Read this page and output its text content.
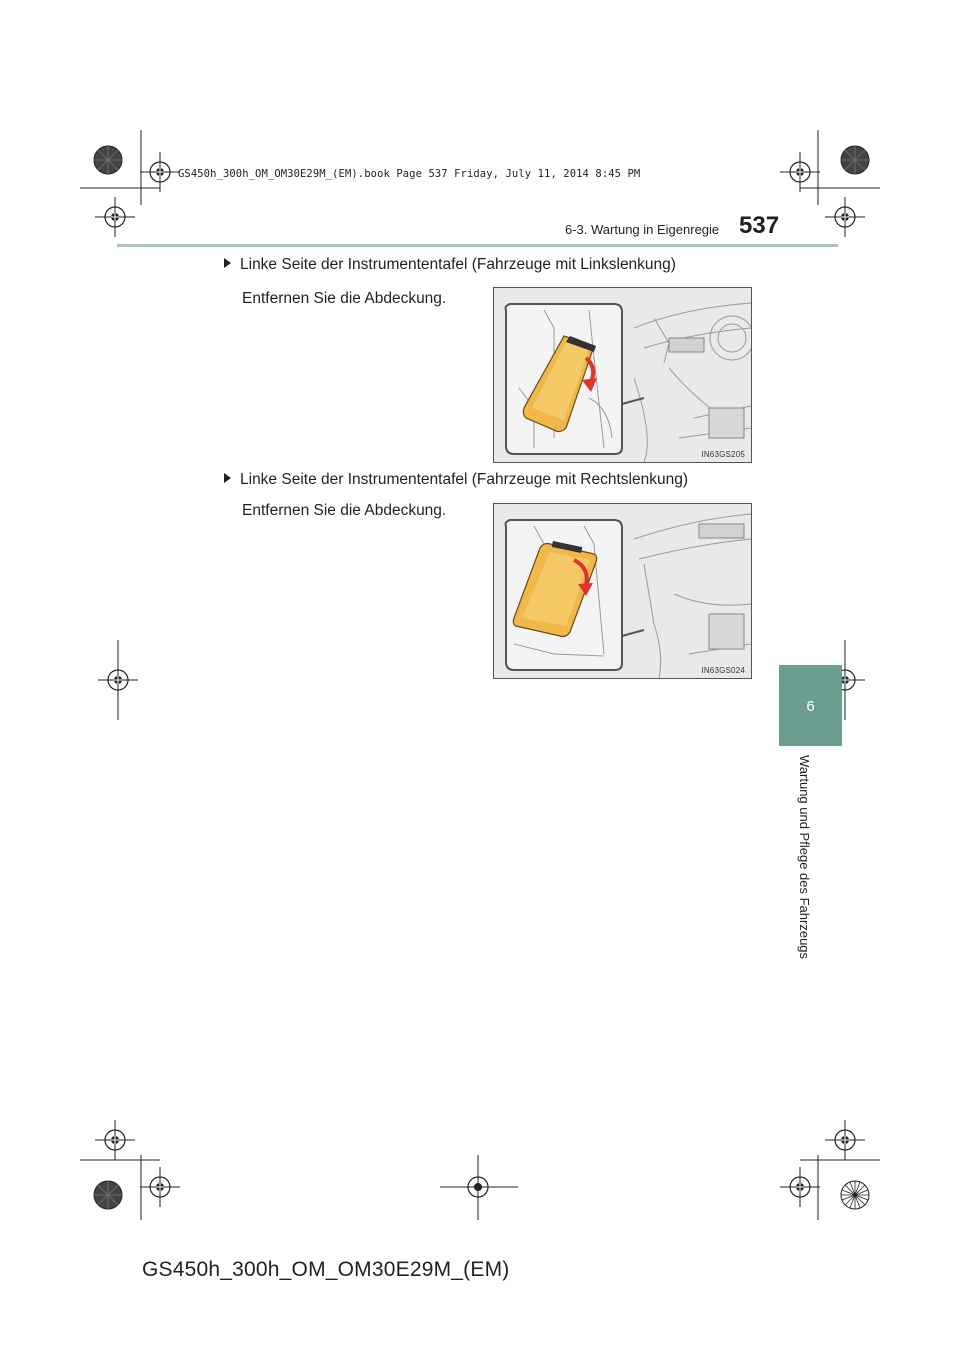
GS450h_300h_OM_OM30E29M_(EM).book Page 537 Friday, July 11, 2014 8:45 PM
6-3. Wartung in Eigenregie 537
6
Wartung und Pflege des Fahrzeugs
Linke Seite der Instrumententafel (Fahrzeuge mit Linkslenkung)
Entfernen Sie die Abdeckung.
IN63GS205
Linke Seite der Instrumententafel (Fahrzeuge mit Rechtslenkung)
Entfernen Sie die Abdeckung.
IN63GS024
GS450h_300h_OM_OM30E29M_(EM)
